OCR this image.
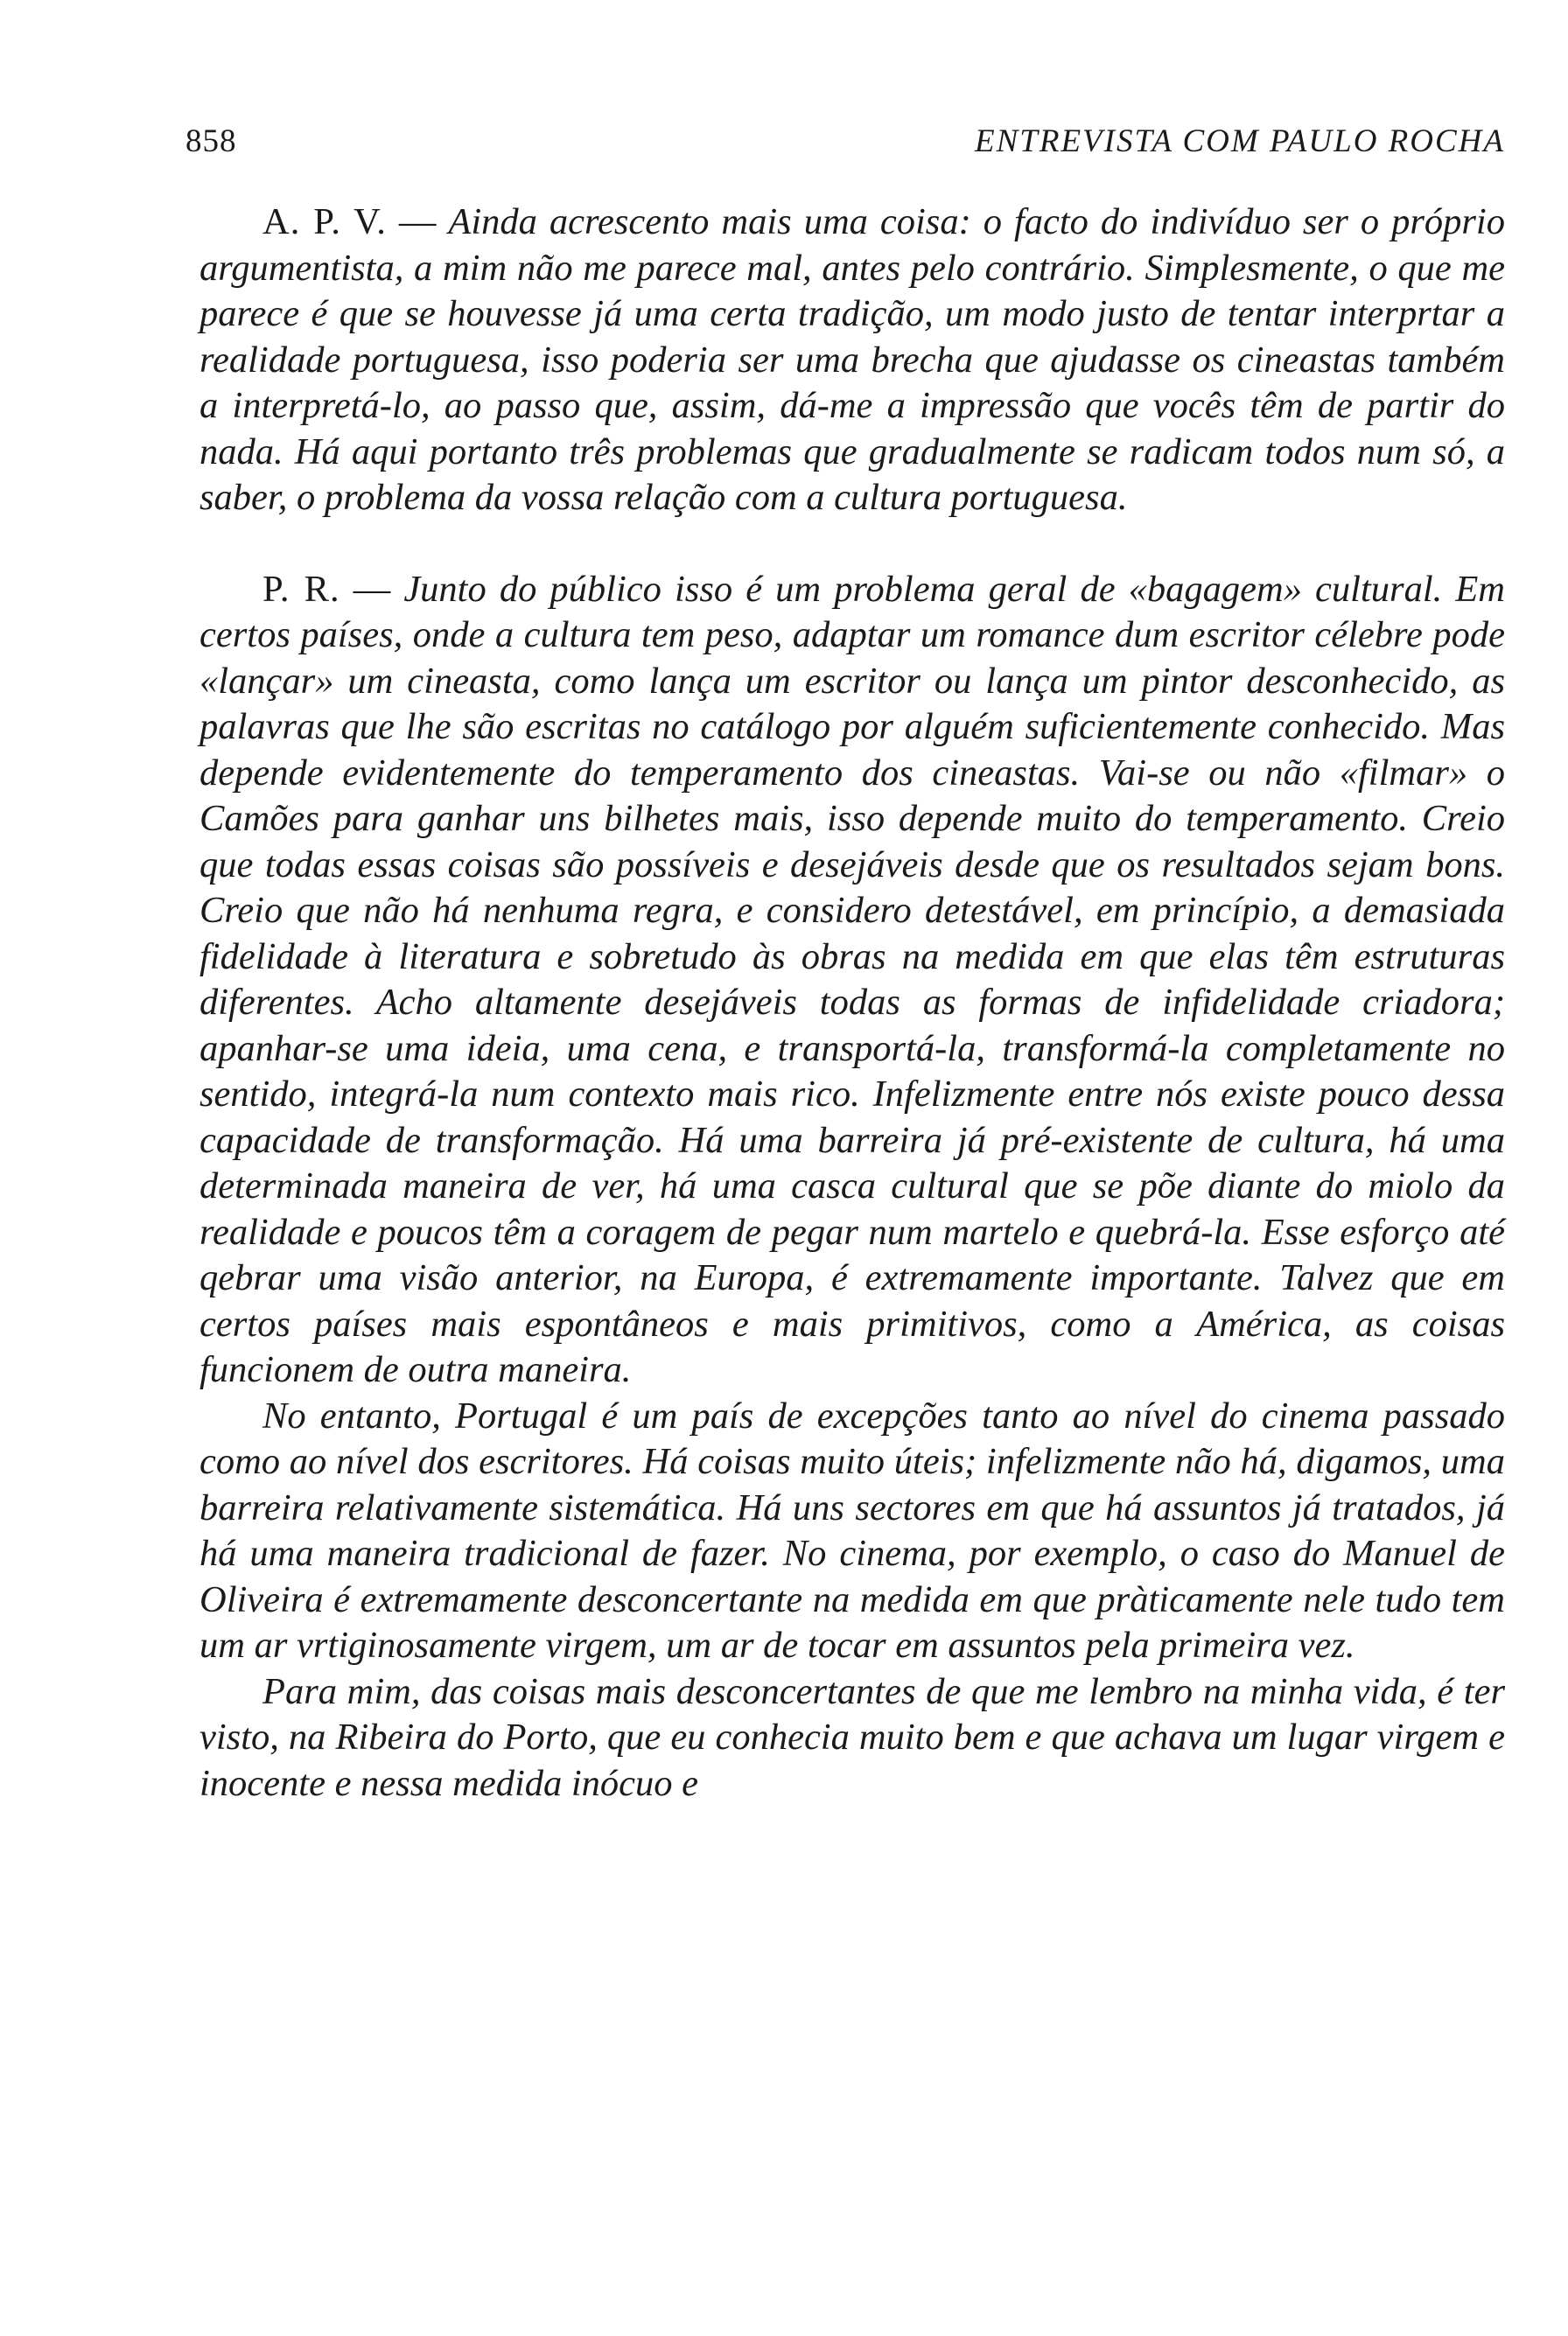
858	ENTREVISTA COM PAULO ROCHA

A. P. V. — Ainda acrescento mais uma coisa: o facto do indivíduo ser o próprio argumentista, a mim não me parece mal, antes pelo contrário. Simplesmente, o que me parece é que se houvesse já uma certa tradição, um modo justo de tentar interprtar a realidade portuguesa, isso poderia ser uma brecha que ajudasse os cineastas também a interpretá-lo, ao passo que, assim, dá-me a impressão que vocês têm de partir do nada. Há aqui portanto três problemas que gradualmente se radicam todos num só, a saber, o problema da vossa relação com a cultura portuguesa.

P. R. — Junto do público isso é um problema geral de «bagagem» cultural. Em certos países, onde a cultura tem peso, adaptar um romance dum escritor célebre pode «lançar» um cineasta, como lança um escritor ou lança um pintor desconhecido, as palavras que lhe são escritas no catálogo por alguém suficientemente conhecido. Mas depende evidentemente do temperamento dos cineastas. Vai-se ou não «filmar» o Camões para ganhar uns bilhetes mais, isso depende muito do temperamento. Creio que todas essas coisas são possíveis e desejáveis desde que os resultados sejam bons. Creio que não há nenhuma regra, e considero detestável, em princípio, a demasiada fidelidade à literatura e sobretudo às obras na medida em que elas têm estruturas diferentes. Acho altamente desejáveis todas as formas de infidelidade criadora; apanhar-se uma ideia, uma cena, e transportá-la, transformá-la completamente no sentido, integrá-la num contexto mais rico. Infelizmente entre nós existe pouco dessa capacidade de transformação. Há uma barreira já pré-existente de cultura, há uma determinada maneira de ver, há uma casca cultural que se põe diante do miolo da realidade e poucos têm a coragem de pegar num martelo e quebrá-la. Esse esforço até qebrar uma visão anterior, na Europa, é extremamente importante. Talvez que em certos países mais espontâneos e mais primitivos, como a América, as coisas funcionem de outra maneira.

No entanto, Portugal é um país de excepções tanto ao nível do cinema passado como ao nível dos escritores. Há coisas muito úteis; infelizmente não há, digamos, uma barreira relativamente sistemática. Há uns sectores em que há assuntos já tratados, já há uma maneira tradicional de fazer. No cinema, por exemplo, o caso do Manuel de Oliveira é extremamente desconcertante na medida em que pràticamente nele tudo tem um ar vrtiginosamente virgem, um ar de tocar em assuntos pela primeira vez.

Para mim, das coisas mais desconcertantes de que me lembro na minha vida, é ter visto, na Ribeira do Porto, que eu conhecia muito bem e que achava um lugar virgem e inocente e nessa medida inócuo e
